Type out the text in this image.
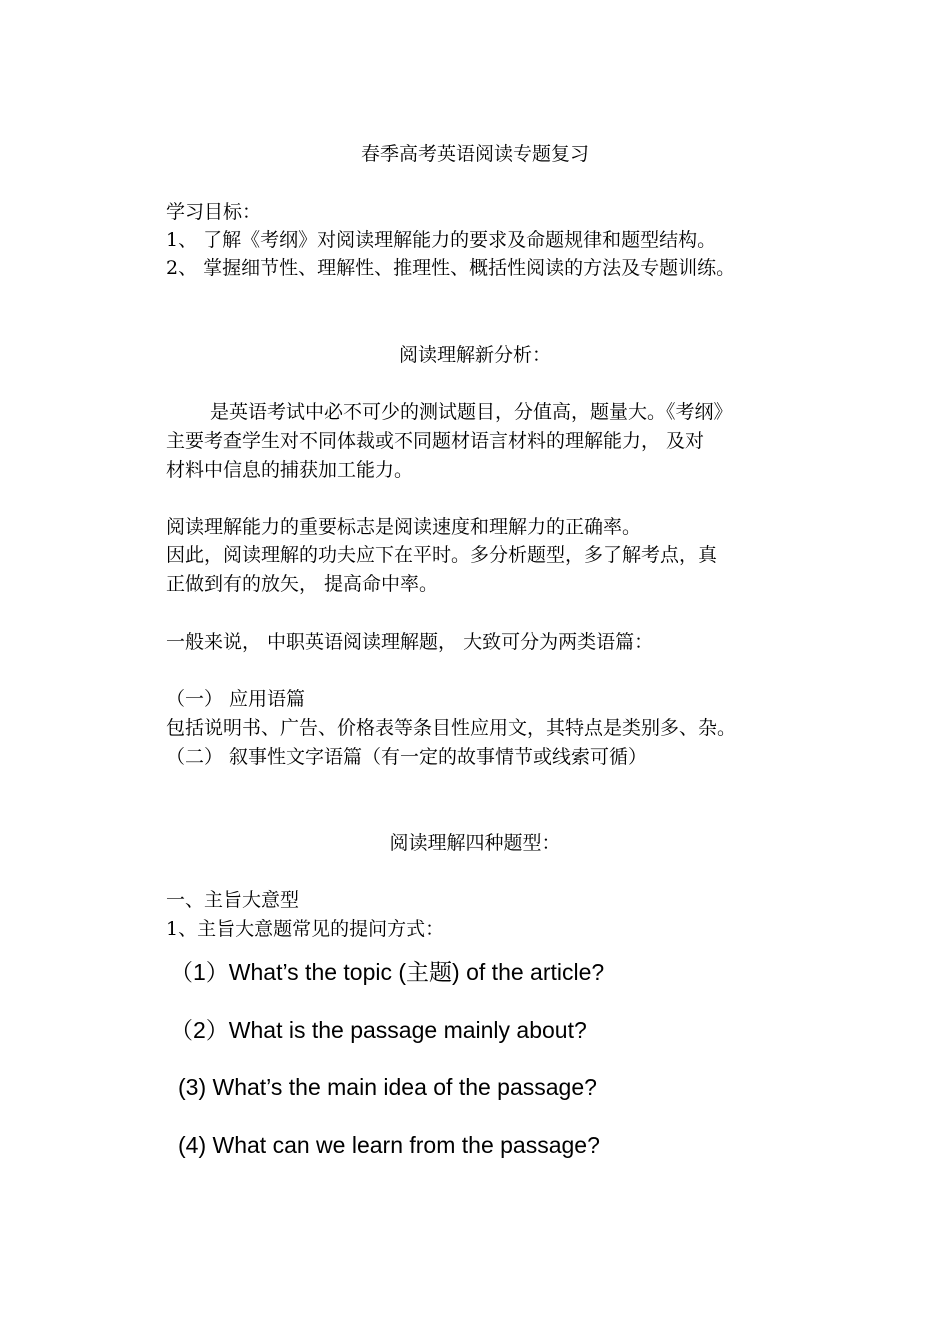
春季高考英语阅读专题复习
学习目标：
1、 了解《考纲》对阅读理解能力的要求及命题规律和题型结构。
2、 掌握细节性、理解性、推理性、概括性阅读的方法及专题训练。
阅读理解新分析：
是英语考试中必不可少的测试题目，分值高，题量大。《考纲》
主要考查学生对不同体裁或不同题材语言材料的理解能力， 及对
材料中信息的捕获加工能力。
阅读理解能力的重要标志是阅读速度和理解力的正确率。
因此，阅读理解的功夫应下在平时。多分析题型，多了解考点，真
正做到有的放矢， 提高命中率。
一般来说， 中职英语阅读理解题， 大致可分为两类语篇：
（一） 应用语篇
包括说明书、广告、价格表等条目性应用文，其特点是类别多、杂。
（二） 叙事性文字语篇（有一定的故事情节或线索可循）
阅读理解四种题型：
一、主旨大意型
1、主旨大意题常见的提问方式：
（1）What’s the topic (主题) of the article?
（2）What is the passage mainly about?
(3) What’s the main idea of the passage?
(4) What can we learn from the passage?
